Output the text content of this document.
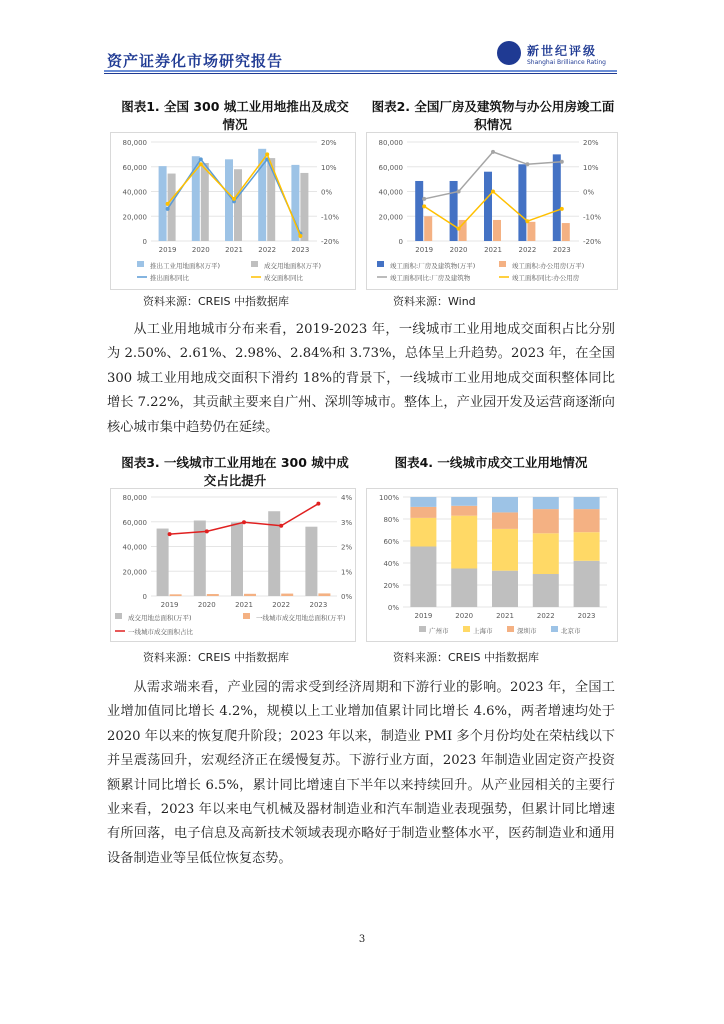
资产证券化市场研究报告
新世纪评级
Shanghai Brilliance Rating
图表1. 全国 300 城工业用地推出及成交情况
图表2. 全国厂房及建筑物与办公用房竣工面积情况
0
20,000
40,000
60,000
80,000
-20%
-10%
0%
10%
20%
2019 2020 2021 2022 2023
推出工业用地面积(万平)	成交用地面积(万平)
推出面积同比	成交面积同比
0
20,000
40,000
60,000
80,000
-20%
-10%
0%
10%
20%
2019 2020 2021 2022 2023
竣工面积:厂房及建筑物(万平)	竣工面积:办公用房(万平)
竣工面积同比:厂房及建筑物	竣工面积同比:办公用房
资料来源：CREIS 中指数据库	资料来源：Wind
从工业用地城市分布来看，2019-2023 年，一线城市工业用地成交面积占比分别为 2.50%、2.61%、2.98%、2.84%和 3.73%，总体呈上升趋势。2023 年，在全国 300 城工业用地成交面积下滑约 18%的背景下，一线城市工业用地成交面积整体同比增长 7.22%，其贡献主要来自广州、深圳等城市。整体上，产业园开发及运营商逐渐向核心城市集中趋势仍在延续。
图表3. 一线城市工业用地在 300 城中成交占比提升
图表4. 一线城市成交工业用地情况
0
20,000
40,000
60,000
80,000
0%
1%
2%
3%
4%
2019	2020	2021	2022	2023
成交用地总面积(万平)	一线城市成交用地总面积(万平)
一线城市成交面积占比
0%
20%
40%
60%
80%
100%
2019	2020	2021	2022	2023
广州市	上海市	深圳市	北京市
资料来源：CREIS 中指数据库	资料来源：CREIS 中指数据库
从需求端来看，产业园的需求受到经济周期和下游行业的影响。2023 年，全国工业增加值同比增长 4.2%，规模以上工业增加值累计同比增长 4.6%，两者增速均处于 2020 年以来的恢复爬升阶段；2023 年以来，制造业 PMI 多个月份均处在荣枯线以下并呈震荡回升，宏观经济正在缓慢复苏。下游行业方面，2023 年制造业固定资产投资额累计同比增长 6.5%，累计同比增速自下半年以来持续回升。从产业园相关的主要行业来看，2023 年以来电气机械及器材制造业和汽车制造业表现强势，但累计同比增速有所回落，电子信息及高新技术领域表现亦略好于制造业整体水平，医药制造业和通用设备制造业等呈低位恢复态势。
3
